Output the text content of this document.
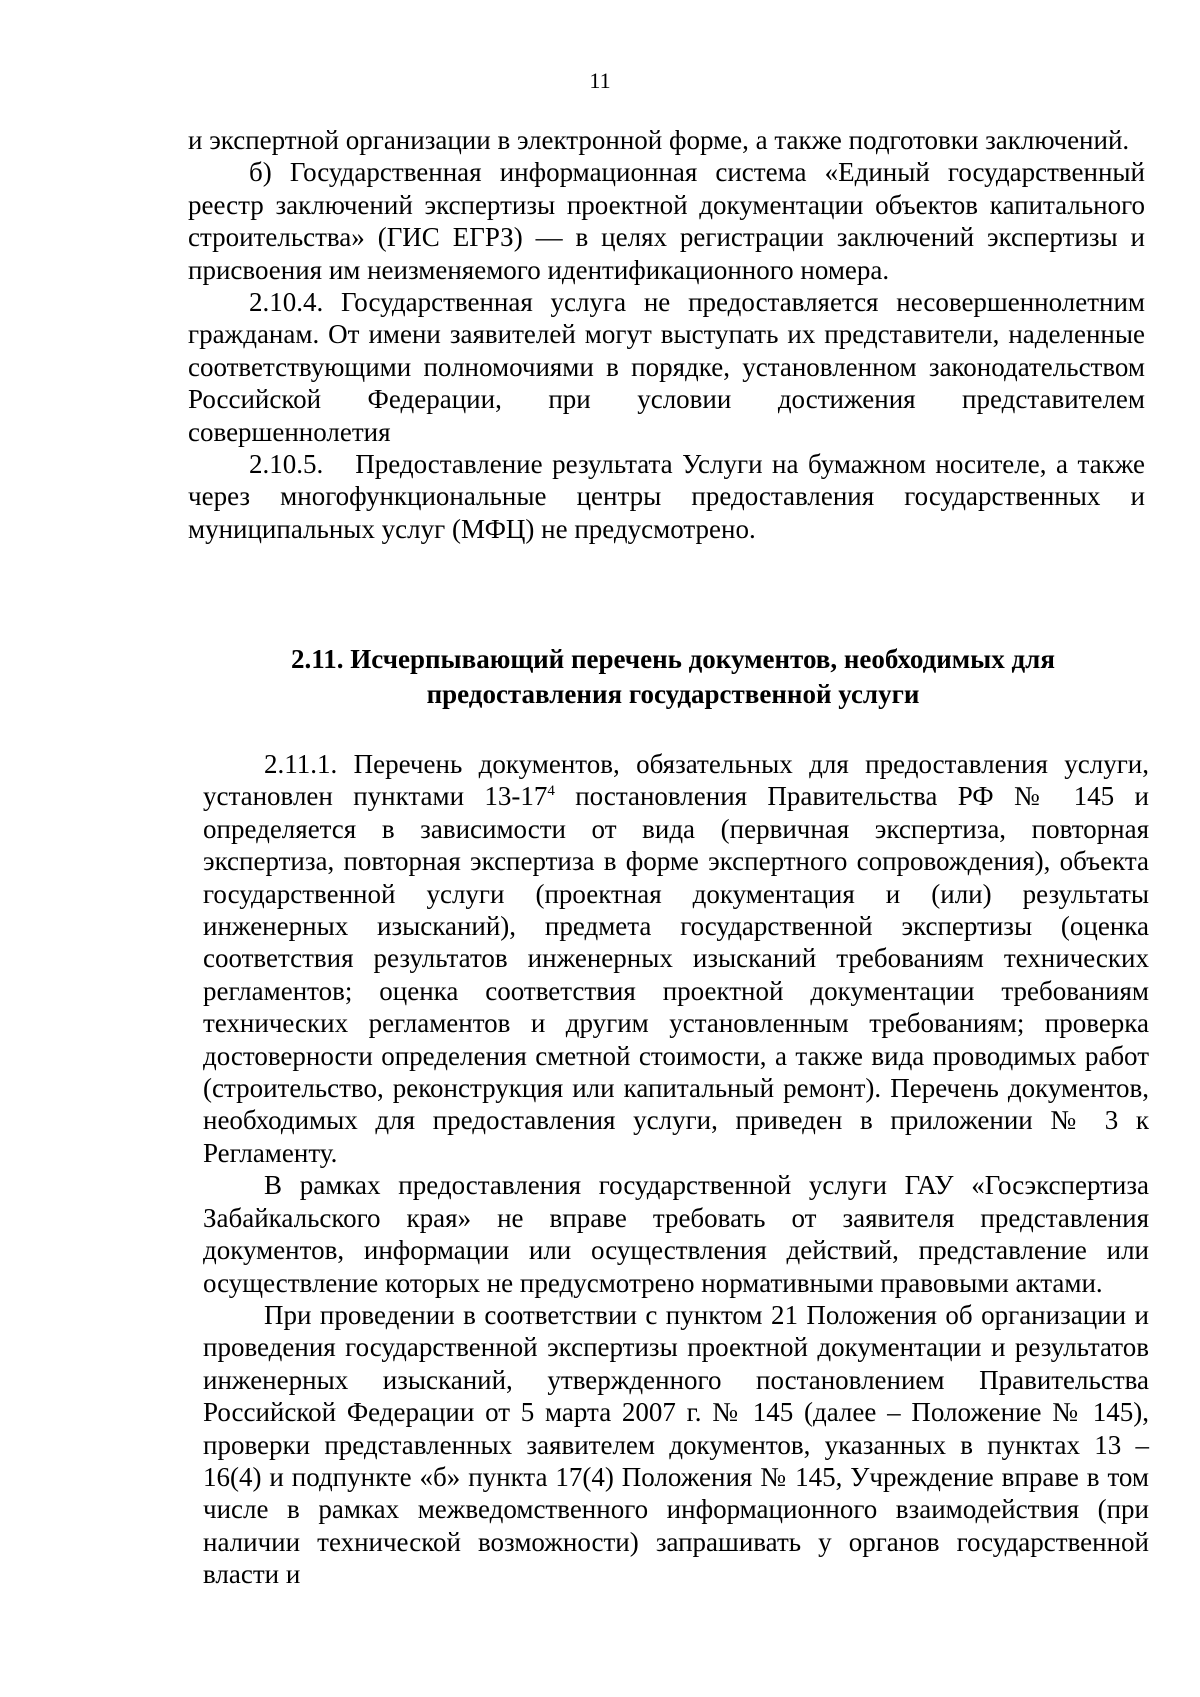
11

и экспертной организации в электронной форме, а также подготовки заключений.

б) Государственная информационная система «Единый государственный реестр заключений экспертизы проектной документации объектов капитального строительства» (ГИС ЕГРЗ) — в целях регистрации заключений экспертизы и присвоения им неизменяемого идентификационного номера.

2.10.4. Государственная услуга не предоставляется несовершеннолетним гражданам. От имени заявителей могут выступать их представители, наделенные соответствующими полномочиями в порядке, установленном законодательством Российской Федерации, при условии достижения представителем совершеннолетия

2.10.5. Предоставление результата Услуги на бумажном носителе, а также через многофункциональные центры предоставления государственных и муниципальных услуг (МФЦ) не предусмотрено.

2.11. Исчерпывающий перечень документов, необходимых для
предоставления государственной услуги

2.11.1. Перечень документов, обязательных для предоставления услуги, установлен пунктами $13-17^4$ постановления Правительства РФ № 145 и определяется в зависимости от вида (первичная экспертиза, повторная экспертиза, повторная экспертиза в форме экспертного сопровождения), объекта государственной услуги (проектная документация и (или) результаты инженерных изысканий), предмета государственной экспертизы (оценка соответствия результатов инженерных изысканий требованиям технических регламентов; оценка соответствия проектной документации требованиям технических регламентов и другим установленным требованиям; проверка достоверности определения сметной стоимости, а также вида проводимых работ (строительство, реконструкция или капитальный ремонт). Перечень документов, необходимых для предоставления услуги, приведен в приложении № 3 к Регламенту.

В рамках предоставления государственной услуги ГАУ «Госэкспертиза Забайкальского края» не вправе требовать от заявителя представления документов, информации или осуществления действий, представление или осуществление которых не предусмотрено нормативными правовыми актами.

При проведении в соответствии с пунктом 21 Положения об организации и проведения государственной экспертизы проектной документации и результатов инженерных изысканий, утвержденного постановлением Правительства Российской Федерации от 5 марта 2007 г. № 145 (далее – Положение № 145), проверки представленных заявителем документов, указанных в пунктах 13 – 16(4) и подпункте «б» пункта 17(4) Положения № 145, Учреждение вправе в том числе в рамках межведомственного информационного взаимодействия (при наличии технической возможности) запрашивать у органов государственной власти и
